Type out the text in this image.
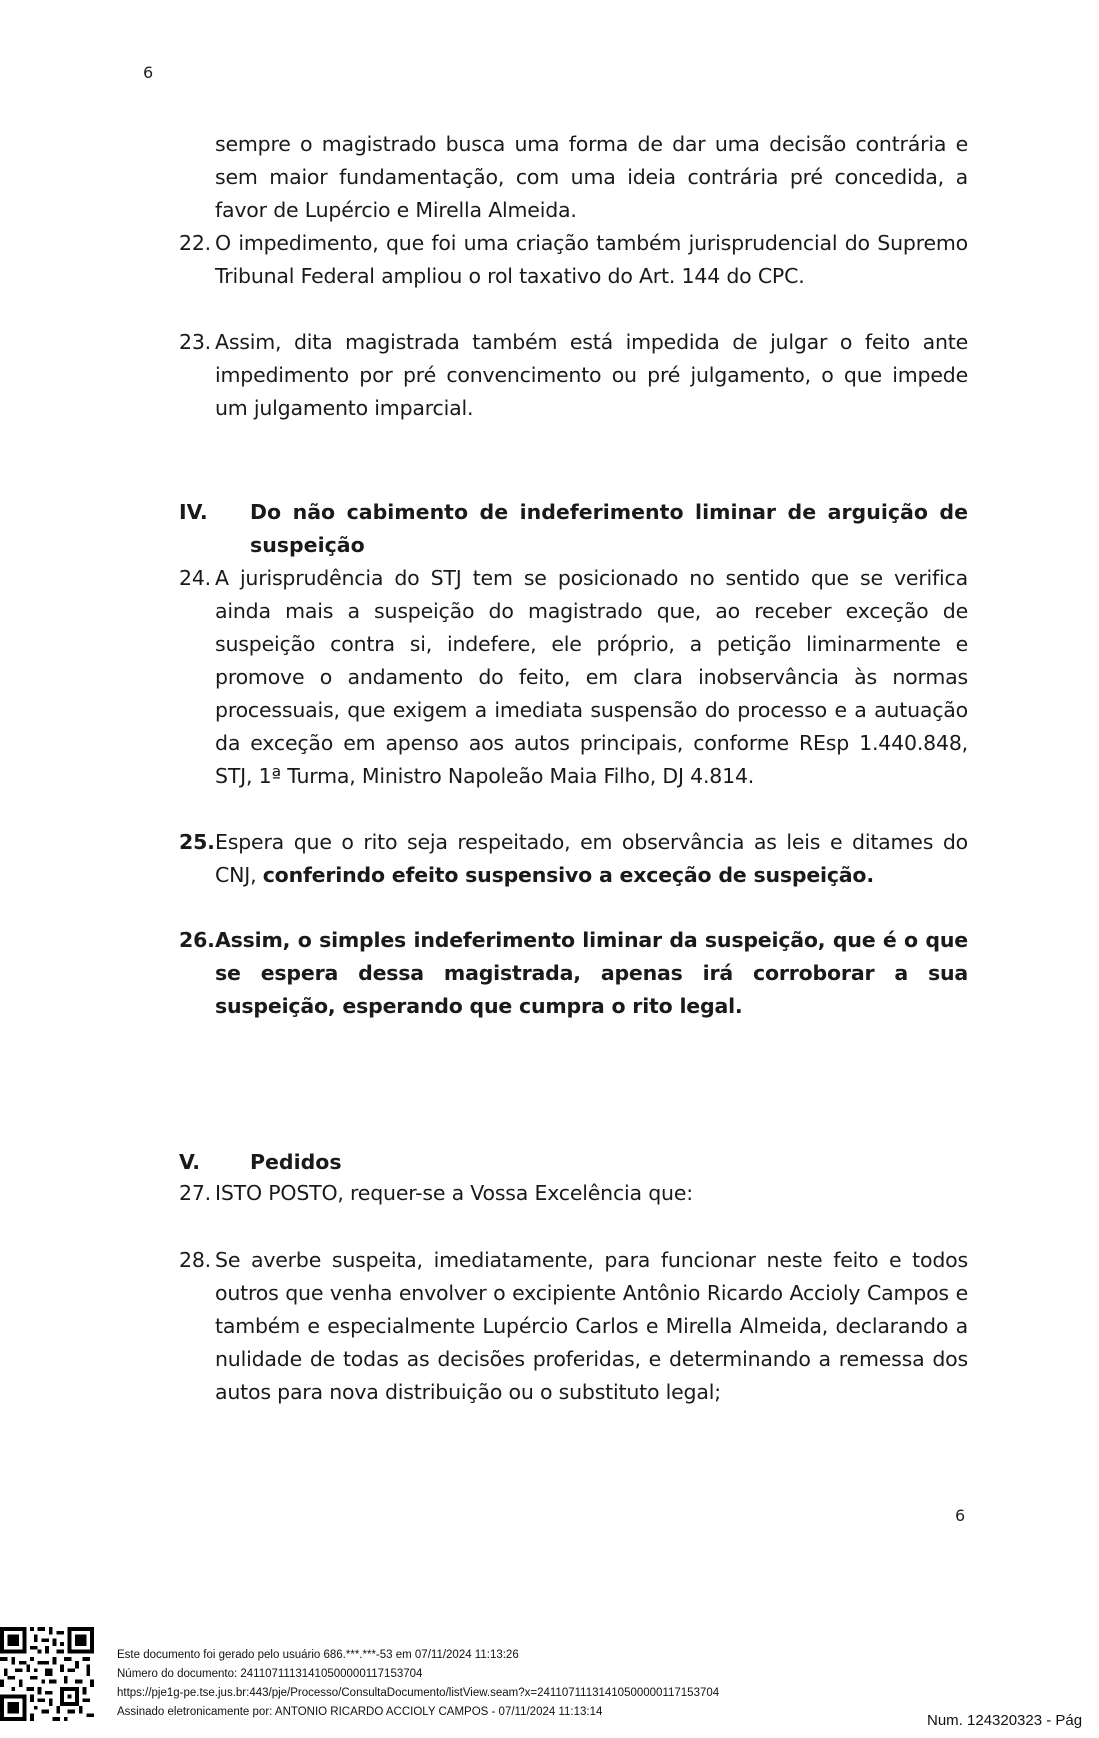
6
sempre o magistrado busca uma forma de dar uma decisão contrária e sem maior fundamentação, com uma ideia contrária pré concedida, a favor de Lupércio e Mirella Almeida.
22. O impedimento, que foi uma criação também jurisprudencial do Supremo Tribunal Federal ampliou o rol taxativo do Art. 144 do CPC.
23. Assim, dita magistrada também está impedida de julgar o feito ante impedimento por pré convencimento ou pré julgamento, o que impede um julgamento imparcial.
IV.	Do não cabimento de indeferimento liminar de arguição de suspeição
24. A jurisprudência do STJ tem se posicionado no sentido que se verifica ainda mais a suspeição do magistrado que, ao receber exceção de suspeição contra si, indefere, ele próprio, a petição liminarmente e promove o andamento do feito, em clara inobservância às normas processuais, que exigem a imediata suspensão do processo e a autuação da exceção em apenso aos autos principais, conforme REsp 1.440.848, STJ, 1ª Turma, Ministro Napoleão Maia Filho, DJ 4.814.
25. Espera que o rito seja respeitado, em observância as leis e ditames do CNJ, conferindo efeito suspensivo a exceção de suspeição.
26. Assim, o simples indeferimento liminar da suspeição, que é o que se espera dessa magistrada, apenas irá corroborar a sua suspeição, esperando que cumpra o rito legal.
V.	Pedidos
27. ISTO POSTO, requer-se a Vossa Excelência que:
28. Se averbe suspeita, imediatamente, para funcionar neste feito e todos outros que venha envolver o excipiente Antônio Ricardo Accioly Campos e também e especialmente Lupércio Carlos e Mirella Almeida, declarando a nulidade de todas as decisões proferidas, e determinando a remessa dos autos para nova distribuição ou o substituto legal;
6
Este documento foi gerado pelo usuário 686.***.***-53 em 07/11/2024 11:13:26
Número do documento: 24110711131410500000117153704
https://pje1g-pe.tse.jus.br:443/pje/Processo/ConsultaDocumento/listView.seam?x=24110711131410500000117153704
Assinado eletronicamente por: ANTONIO RICARDO ACCIOLY CAMPOS - 07/11/2024 11:13:14	Num. 124320323 - Pág
